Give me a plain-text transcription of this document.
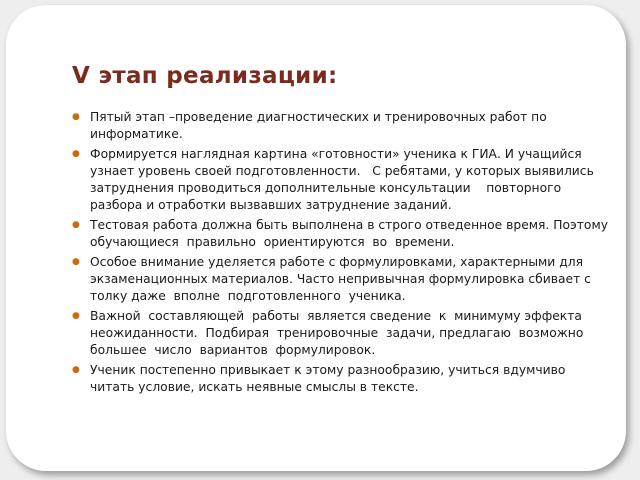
V этап реализации:
● Пятый этап –проведение диагностических и тренировочных работ по информатике.
● Формируется наглядная картина «готовности» ученика к ГИА. И учащийся узнает уровень своей подготовленности.   С ребятами, у которых выявились  затруднения проводиться дополнительные консультации    повторного разбора и отработки вызвавших затруднение заданий.
● Тестовая работа должна быть выполнена в строго отведенное время. Поэтому  обучающиеся  правильно  ориентируются  во  времени.
● Особое внимание уделяется работе с формулировками, характерными для экзаменационных материалов. Часто непривычная формулировка сбивает с толку даже  вполне  подготовленного  ученика.
● Важной  составляющей  работы  является сведение  к  минимуму эффекта  неожиданности.  Подбирая  тренировочные  задачи, предлагаю  возможно  большее  число  вариантов  формулировок.
● Ученик постепенно привыкает к этому разнообразию, учиться вдумчиво читать условие, искать неявные смыслы в тексте.
